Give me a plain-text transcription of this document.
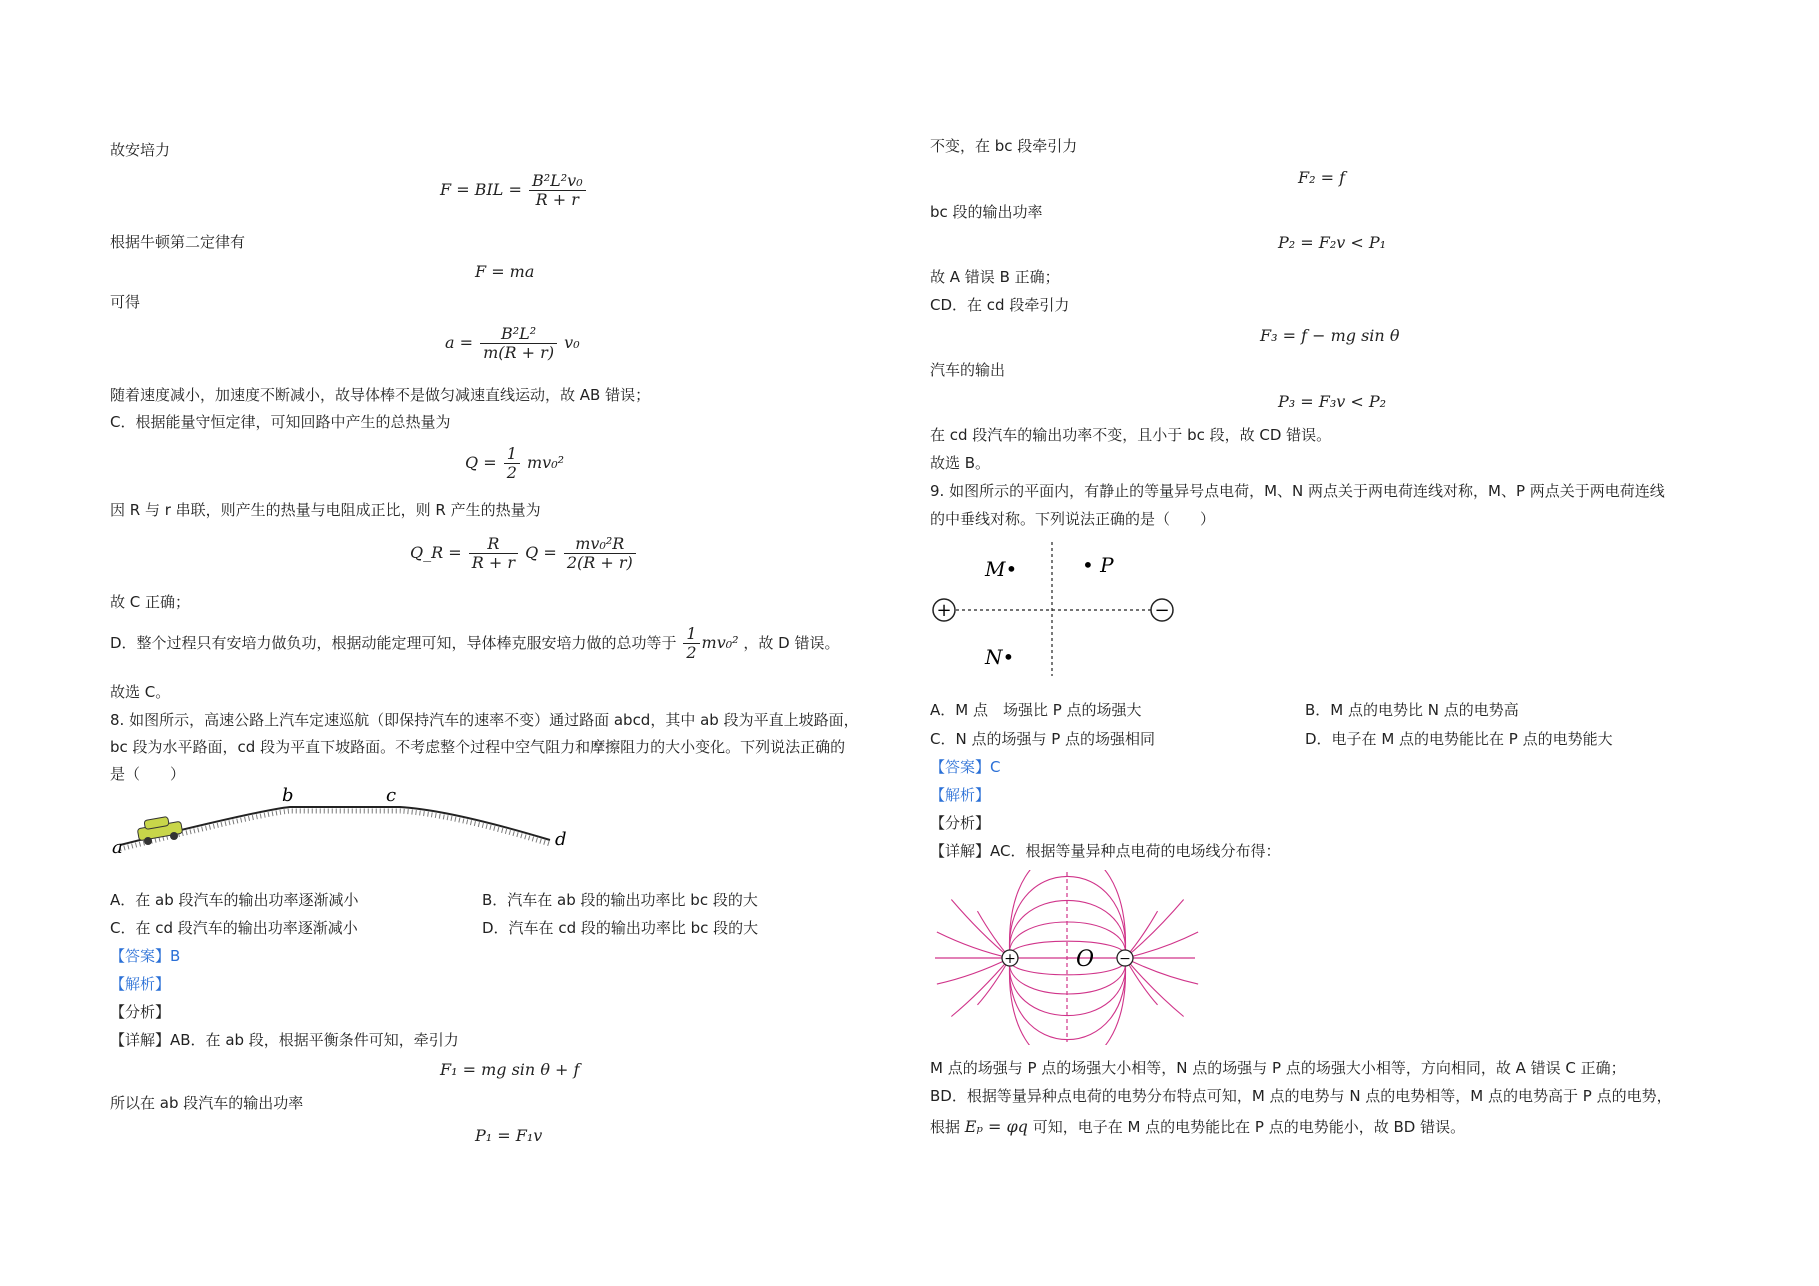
故安培力
F = BIL = $\frac{\text{B²L²v₀}}{R + r}$
根据牛顿第二定律有
F = ma
可得
$a = \frac{\text{B²L²}}{m(R + r)} v_0$
随着速度减小，加速度不断减小，故导体棒不是做匀减速直线运动，故 AB 错误；
C．根据能量守恒定律，可知回路中产生的总热量为
$Q = \frac{1}{2} mv_0^2$
因 R 与 r 串联，则产生的热量与电阻成正比，则 R 产生的热量为
Q_R = $\frac{R}{R + r}$ $Q = \frac{\text{mv₀²R}}{2(R + r)}$
故 C 正确；
D．整个过程只有安培力做负功，根据动能定理可知，导体棒克服安培力做的总功等于 $\frac{1}{2} mv_0^2$ ，故 D 错误。
故选 C。
8. 如图所示，高速公路上汽车定速巡航（即保持汽车的速率不变）通过路面 abcd，其中 ab 段为平直上坡路面，
bc 段为水平路面，cd 段为平直下坡路面。不考虑整个过程中空气阻力和摩擦阻力的大小变化。下列说法正确的
是（　　）
a
b	c
d
A．在 ab 段汽车的输出功率逐渐减小	B．汽车在 ab 段的输出功率比 bc 段的大
C．在 cd 段汽车的输出功率逐渐减小	D．汽车在 cd 段的输出功率比 bc 段的大
【答案】B
【解析】
【分析】
【详解】AB．在 ab 段，根据平衡条件可知，牵引力
F₁ = mg sin θ + f
所以在 ab 段汽车的输出功率
P₁ = F₁v
不变，在 bc 段牵引力
F₂ = f
bc 段的输出功率
P₂ = F₂v < P₁
故 A 错误 B 正确；
CD．在 cd 段牵引力
F₃ = f − mg sin θ
汽车的输出
P₃ = F₃v < P₂
在 cd 段汽车的输出功率不变，且小于 bc 段，故 CD 错误。
故选 B。
9. 如图所示的平面内，有静止的等量异号点电荷，M、N 两点关于两电荷连线对称，M、P 两点关于两电荷连线
的中垂线对称。下列说法正确的是（　　）
+	−
M•	• P
N•
A．M 点　场强比 P 点的场强大	B．M 点的电势比 N 点的电势高
C．N 点的场强与 P 点的场强相同	D．电子在 M 点的电势能比在 P 点的电势能大
【答案】C
【解析】
【分析】
【详解】AC．根据等量异种点电荷的电场线分布得：
+	−
O
M 点的场强与 P 点的场强大小相等，N 点的场强与 P 点的场强大小相等，方向相同，故 A 错误 C 正确；
BD．根据等量异种点电荷的电势分布特点可知，M 点的电势与 N 点的电势相等，M 点的电势高于 P 点的电势，
根据 Eₚ = φq 可知，电子在 M 点的电势能比在 P 点的电势能小，故 BD 错误。
